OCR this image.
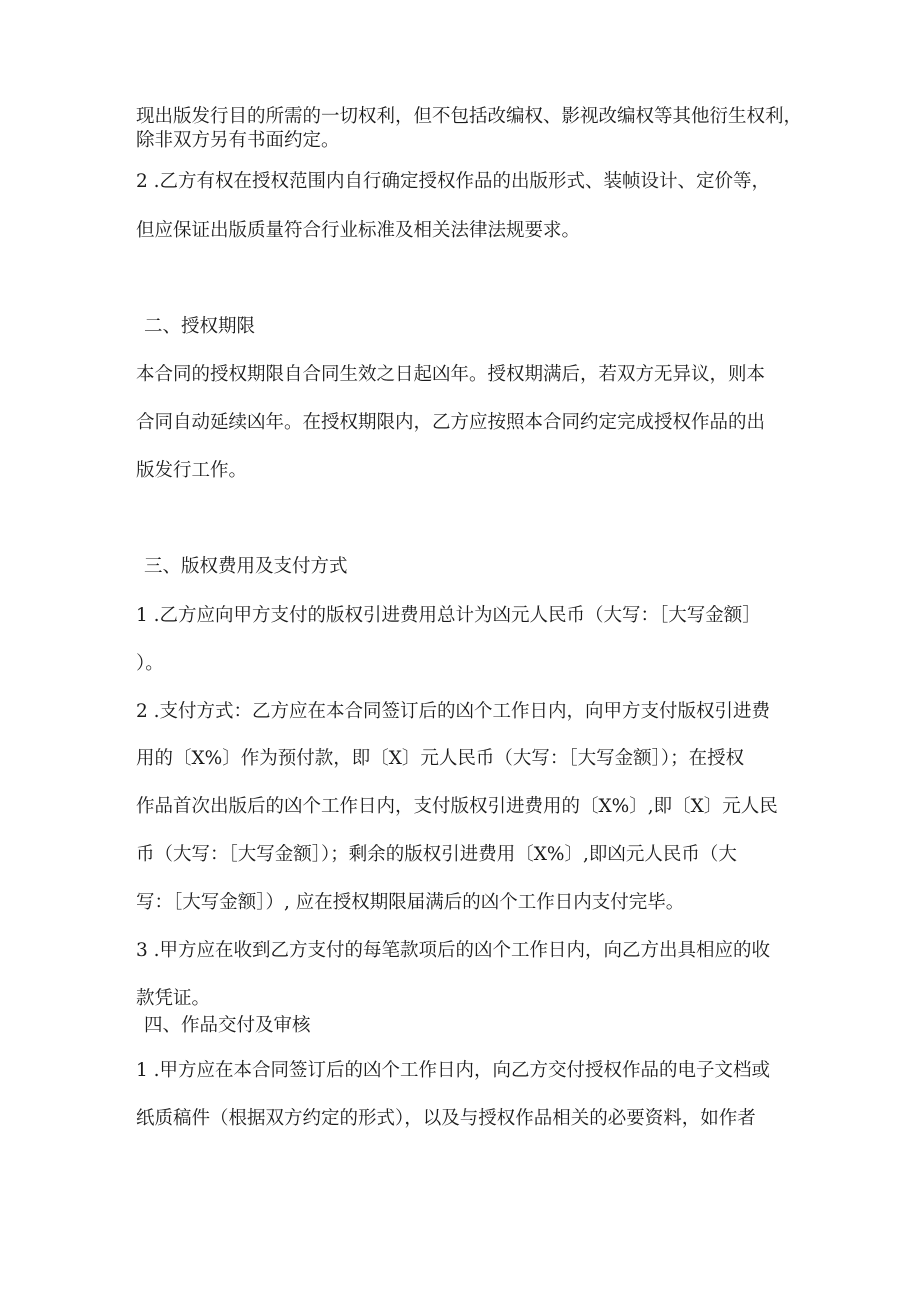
现出版发行目的所需的一切权利，但不包括改编权、影视改编权等其他衍生权利，
除非双方另有书面约定。
2 .乙方有权在授权范围内自行确定授权作品的出版形式、装帧设计、定价等，
但应保证出版质量符合行业标准及相关法律法规要求。
二、授权期限
本合同的授权期限自合同生效之日起凶年。授权期满后，若双方无异议，则本
合同自动延续凶年。在授权期限内，乙方应按照本合同约定完成授权作品的出
版发行工作。
三、版权费用及支付方式
1 .乙方应向甲方支付的版权引进费用总计为凶元人民币（大写：［大写金额］
）。
2 .支付方式：乙方应在本合同签订后的凶个工作日内，向甲方支付版权引进费
用的〔X%〕作为预付款，即〔X〕元人民币（大写：［大写金额］）；在授权
作品首次出版后的凶个工作日内，支付版权引进费用的〔X%〕,即〔X〕元人民
币（大写：［大写金额］）；剩余的版权引进费用〔X%〕,即凶元人民币（大
写：［大写金额］）, 应在授权期限届满后的凶个工作日内支付完毕。
3 .甲方应在收到乙方支付的每笔款项后的凶个工作日内，向乙方出具相应的收
款凭证。
四、作品交付及审核
1 .甲方应在本合同签订后的凶个工作日内，向乙方交付授权作品的电子文档或
纸质稿件（根据双方约定的形式），以及与授权作品相关的必要资料，如作者
